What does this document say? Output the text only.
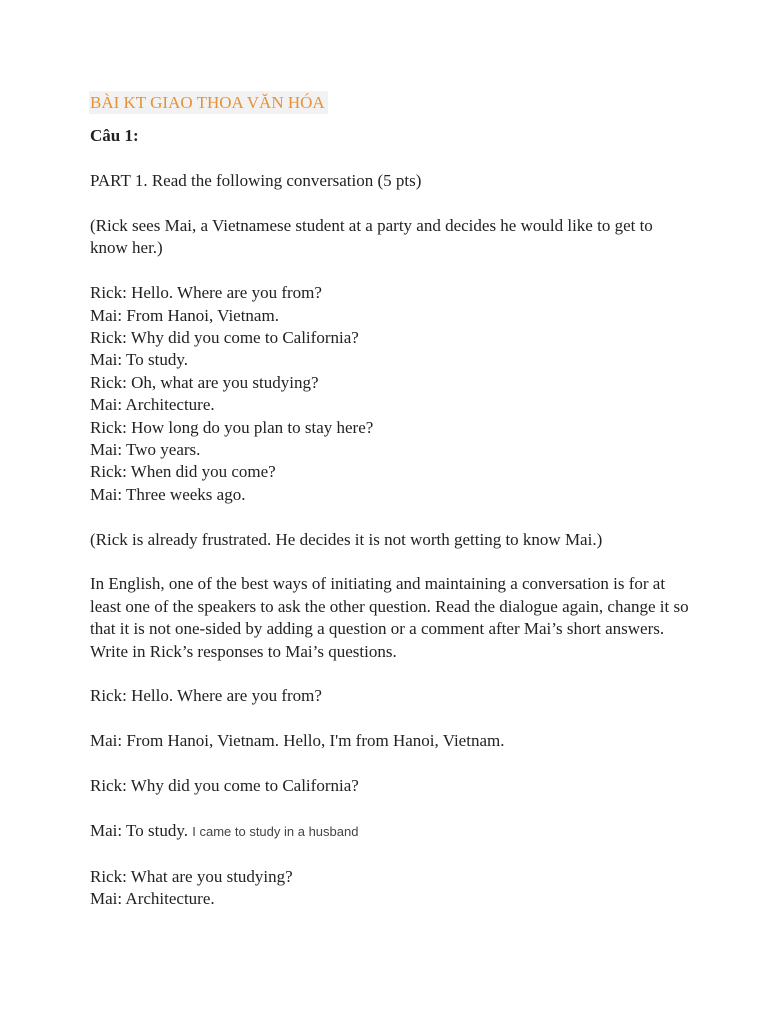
BÀI KT GIAO THOA VĂN HÓA

Câu 1:

PART 1. Read the following conversation (5 pts)

(Rick sees Mai, a Vietnamese student at a party and decides he would like to get to know her.)

Rick: Hello. Where are you from?

Mai: From Hanoi, Vietnam.

Rick: Why did you come to California?

Mai: To study.

Rick: Oh, what are you studying?

Mai: Architecture.

Rick: How long do you plan to stay here?

Mai: Two years.

Rick: When did you come?

Mai: Three weeks ago.

(Rick is already frustrated. He decides it is not worth getting to know Mai.)

In English, one of the best ways of initiating and maintaining a conversation is for at least one of the speakers to ask the other question. Read the dialogue again, change it so that it is not one-sided by adding a question or a comment after Mai’s short answers. Write in Rick’s responses to Mai’s questions.

Rick: Hello. Where are you from?

Mai: From Hanoi, Vietnam. Hello, I'm from Hanoi, Vietnam.

Rick: Why did you come to California?

Mai: To study. I came to study in a husband

Rick: What are you studying?

Mai: Architecture.
